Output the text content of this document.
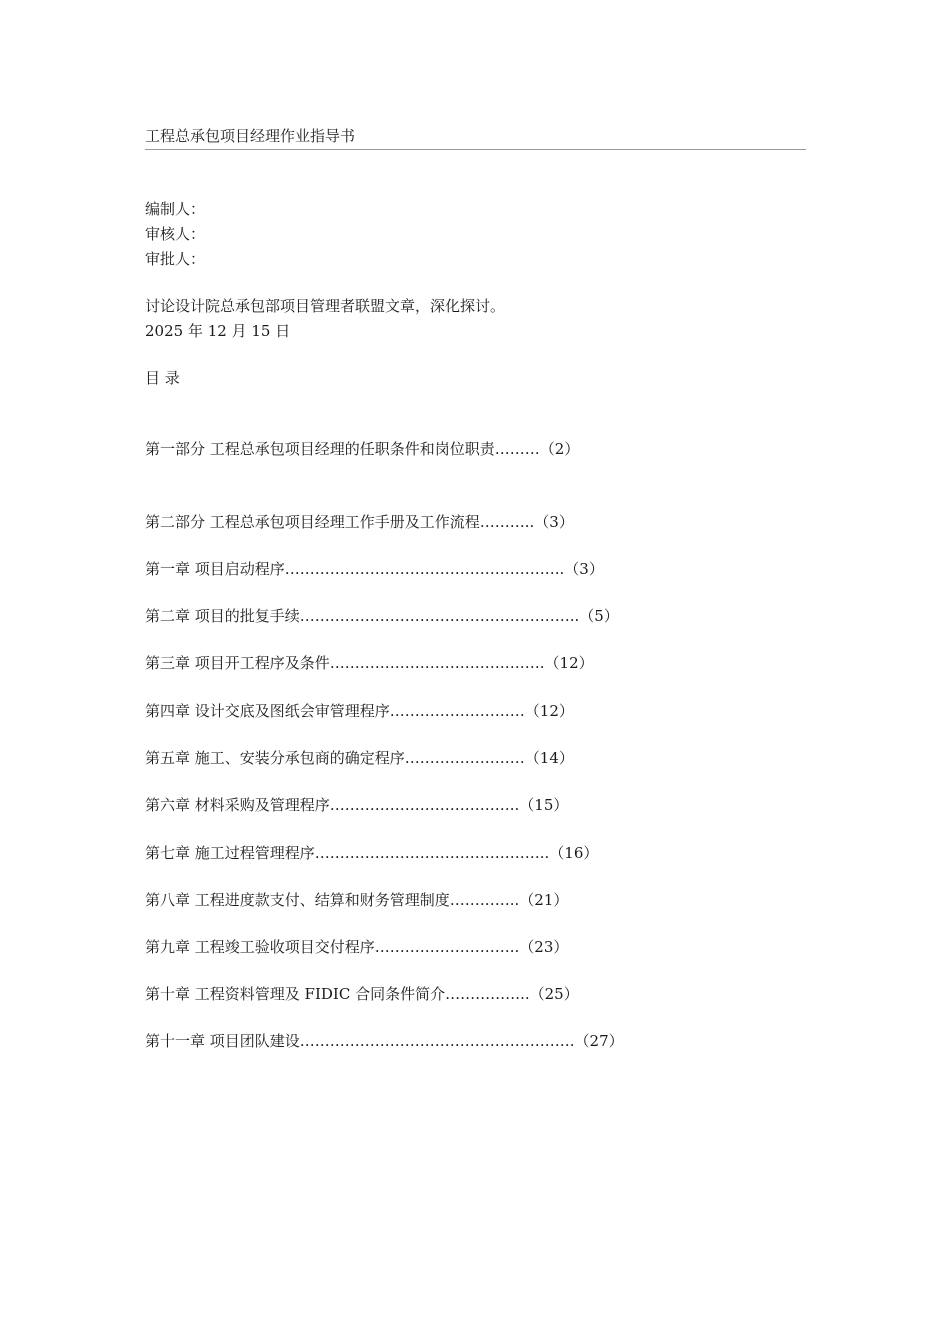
工程总承包项目经理作业指导书
编制人：
审核人：
审批人：
讨论设计院总承包部项目管理者联盟文章，深化探讨。
2025 年 12 月 15 日
目 录
第一部分 工程总承包项目经理的任职条件和岗位职责………（2）
第二部分 工程总承包项目经理工作手册及工作流程………..（3）
第一章 项目启动程序………………………………………………..（3）
第二章 项目的批复手续………………………………………………..（5）
第三章 项目开工程序及条件…………………………………….（12）
第四章 设计交底及图纸会审管理程序………………………（12）
第五章 施工、安装分承包商的确定程序……………………（14）
第六章 材料采购及管理程序………………………………..（15）
第七章 施工过程管理程序………………………………………..（16）
第八章 工程进度款支付、结算和财务管理制度…………..（21）
第九章 工程竣工验收项目交付程序………………………..（23）
第十章 工程资料管理及 FIDIC 合同条件简介……………..（25）
第十一章 项目团队建设……………………………………………….（27）
